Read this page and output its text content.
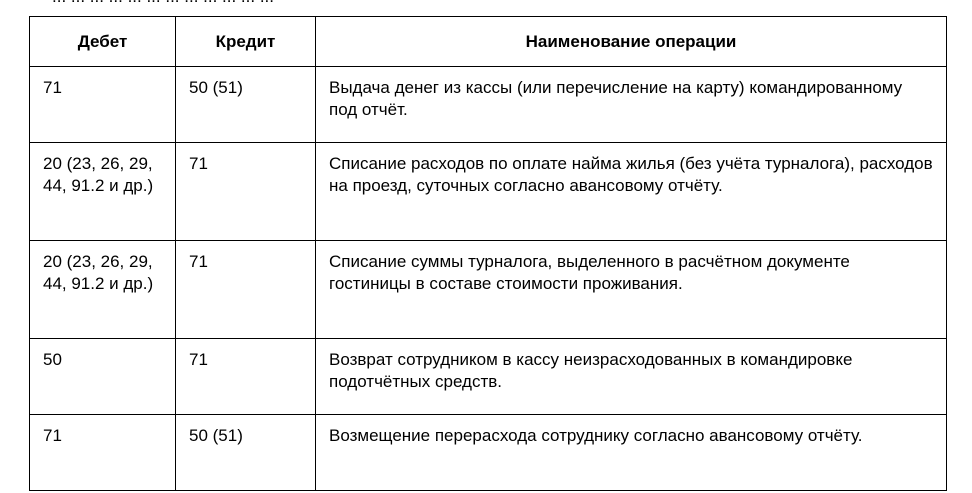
Дебет	Кредит	Наименование операции
71	50 (51)	Выдача денег из кассы (или перечисление на карту) командированному под отчёт.
20 (23, 26, 29, 44, 91.2 и др.)	71	Списание расходов по оплате найма жилья (без учёта турналога), расходов на проезд, суточных согласно авансовому отчёту.
20 (23, 26, 29, 44, 91.2 и др.)	71	Списание суммы турналога, выделенного в расчётном документе гостиницы в составе стоимости проживания.
50	71	Возврат сотрудником в кассу неизрасходованных в командировке подотчётных средств.
71	50 (51)	Возмещение перерасхода сотруднику согласно авансовому отчёту.
